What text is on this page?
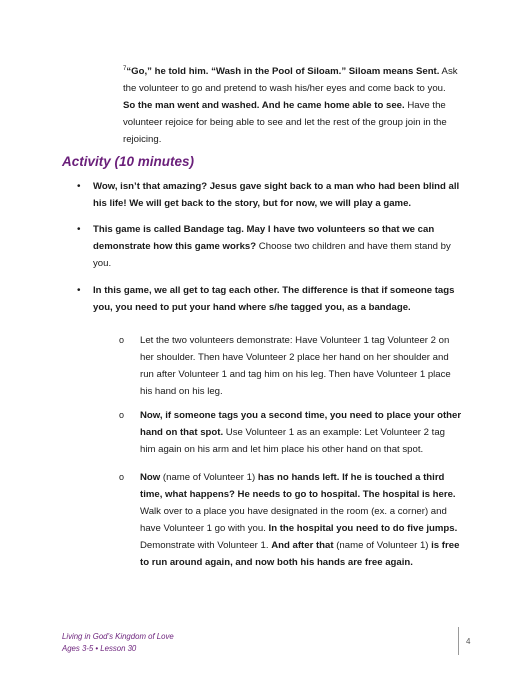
$^7$“Go,” he told him. “Wash in the Pool of Siloam.” Siloam means Sent. Ask the volunteer to go and pretend to wash his/her eyes and come back to you. So the man went and washed. And he came home able to see. Have the volunteer rejoice for being able to see and let the rest of the group join in the rejoicing.

Activity (10 minutes)

• Wow, isn’t that amazing? Jesus gave sight back to a man who had been blind all his life! We will get back to the story, but for now, we will play a game.

• This game is called Bandage tag. May I have two volunteers so that we can demonstrate how this game works? Choose two children and have them stand by you.

• In this game, we all get to tag each other. The difference is that if someone tags you, you need to put your hand where s/he tagged you, as a bandage.

o Let the two volunteers demonstrate: Have Volunteer 1 tag Volunteer 2 on her shoulder. Then have Volunteer 2 place her hand on her shoulder and run after Volunteer 1 and tag him on his leg. Then have Volunteer 1 place his hand on his leg.

o Now, if someone tags you a second time, you need to place your other hand on that spot. Use Volunteer 1 as an example: Let Volunteer 2 tag him again on his arm and let him place his other hand on that spot.

o Now (name of Volunteer 1) has no hands left. If he is touched a third time, what happens? He needs to go to hospital. The hospital is here. Walk over to a place you have designated in the room (ex. a corner) and have Volunteer 1 go with you. In the hospital you need to do five jumps. Demonstrate with Volunteer 1. And after that (name of Volunteer 1) is free to run around again, and now both his hands are free again.

Living in God’s Kingdom of Love
Ages 3-5 • Lesson 30
4
